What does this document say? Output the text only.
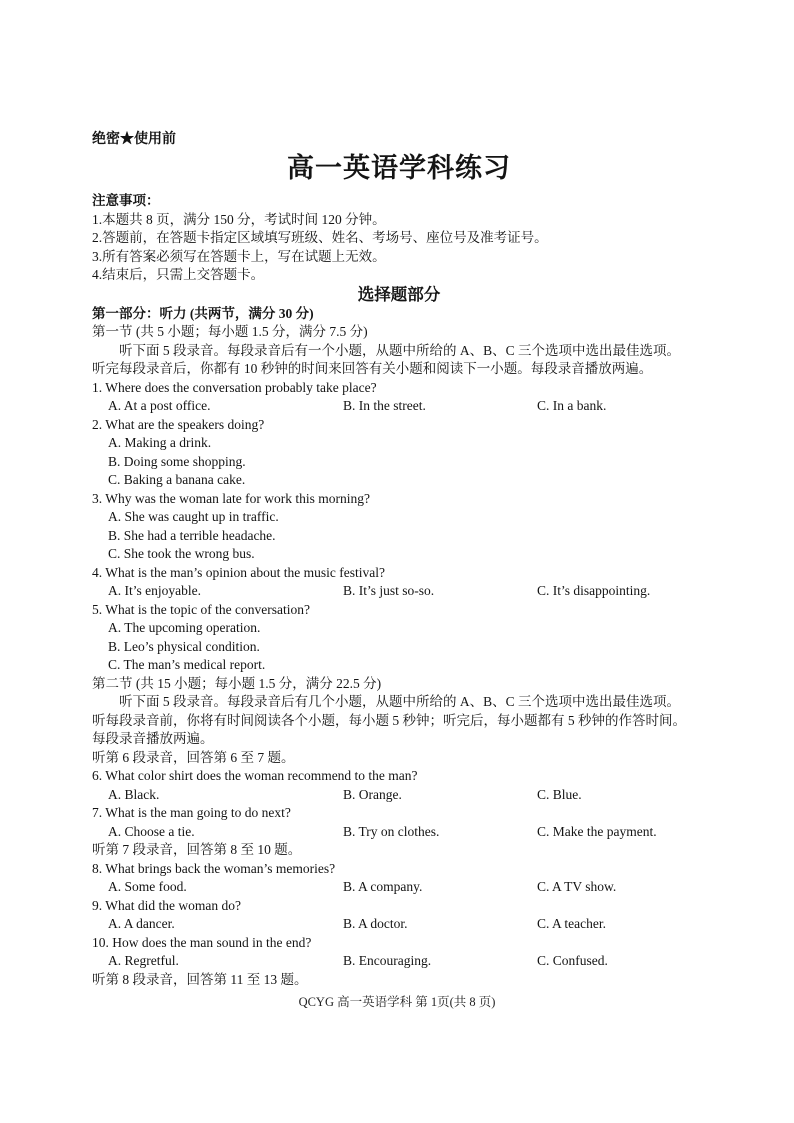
绝密★使用前
高一英语学科练习
注意事项：
1.本题共 8 页，满分 150 分，考试时间 120 分钟。
2.答题前，在答题卡指定区域填写班级、姓名、考场号、座位号及准考证号。
3.所有答案必须写在答题卡上，写在试题上无效。
4.结束后，只需上交答题卡。
选择题部分
第一部分：听力 (共两节，满分 30 分)
第一节 (共 5 小题；每小题 1.5 分，满分 7.5 分)
听下面 5 段录音。每段录音后有一个小题，从题中所给的 A、B、C 三个选项中选出最佳选项。
听完每段录音后，你都有 10 秒钟的时间来回答有关小题和阅读下一小题。每段录音播放两遍。
1. Where does the conversation probably take place?
A. At a post office.	B. In the street.	C. In a bank.
2. What are the speakers doing?
A. Making a drink.
B. Doing some shopping.
C. Baking a banana cake.
3. Why was the woman late for work this morning?
A. She was caught up in traffic.
B. She had a terrible headache.
C. She took the wrong bus.
4. What is the man’s opinion about the music festival?
A. It’s enjoyable.	B. It’s just so-so.	C. It’s disappointing.
5. What is the topic of the conversation?
A. The upcoming operation.
B. Leo’s physical condition.
C. The man’s medical report.
第二节 (共 15 小题；每小题 1.5 分，满分 22.5 分)
听下面 5 段录音。每段录音后有几个小题，从题中所给的 A、B、C 三个选项中选出最佳选项。
听每段录音前，你将有时间阅读各个小题，每小题 5 秒钟；听完后，每小题都有 5 秒钟的作答时间。
每段录音播放两遍。
听第 6 段录音，回答第 6 至 7 题。
6. What color shirt does the woman recommend to the man?
A. Black.	B. Orange.	C. Blue.
7. What is the man going to do next?
A. Choose a tie.	B. Try on clothes.	C. Make the payment.
听第 7 段录音，回答第 8 至 10 题。
8. What brings back the woman’s memories?
A. Some food.	B. A company.	C. A TV show.
9. What did the woman do?
A. A dancer.	B. A doctor.	C. A teacher.
10. How does the man sound in the end?
A. Regretful.	B. Encouraging.	C. Confused.
听第 8 段录音，回答第 11 至 13 题。
QCYG 高一英语学科 第 1页(共 8 页)
